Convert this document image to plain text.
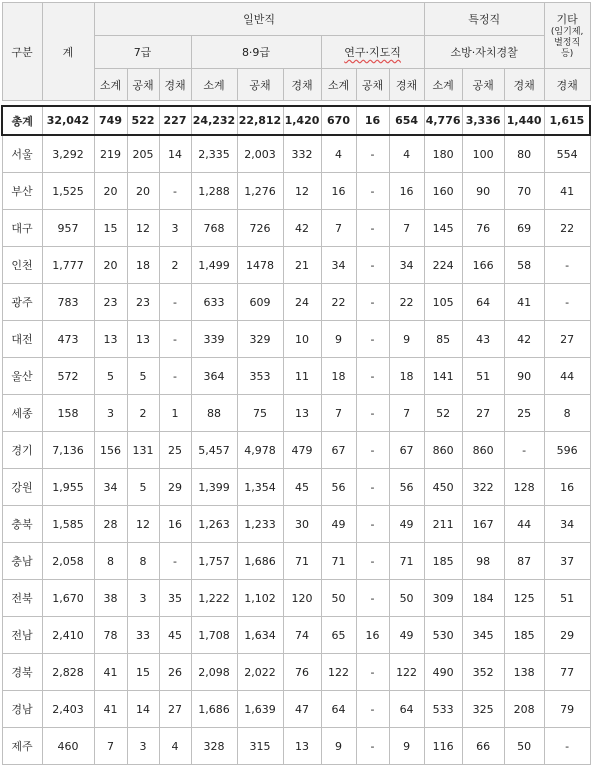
구분	계	일반직									특정직			기타
(임기제, 별정직 등)

		7급			8·9급			연구·지도직			소방·자치경찰			
		소계	공채	경채	소계	공채	경채	소계	공채	경채	소계	공채	경채	경채

총계	32,042	749	522	227	24,232	22,812	1,420	670	16	654	4,776	3,336	1,440	1,615
서울	3,292	219	205	14	2,335	2,003	332	4	-	4	180	100	80	554
부산	1,525	20	20	-	1,288	1,276	12	16	-	16	160	90	70	41
대구	957	15	12	3	768	726	42	7	-	7	145	76	69	22
인천	1,777	20	18	2	1,499	1478	21	34	-	34	224	166	58	-
광주	783	23	23	-	633	609	24	22	-	22	105	64	41	-
대전	473	13	13	-	339	329	10	9	-	9	85	43	42	27
울산	572	5	5	-	364	353	11	18	-	18	141	51	90	44
세종	158	3	2	1	88	75	13	7	-	7	52	27	25	8
경기	7,136	156	131	25	5,457	4,978	479	67	-	67	860	860	-	596
강원	1,955	34	5	29	1,399	1,354	45	56	-	56	450	322	128	16
충북	1,585	28	12	16	1,263	1,233	30	49	-	49	211	167	44	34
충남	2,058	8	8	-	1,757	1,686	71	71	-	71	185	98	87	37
전북	1,670	38	3	35	1,222	1,102	120	50	-	50	309	184	125	51
전남	2,410	78	33	45	1,708	1,634	74	65	16	49	530	345	185	29
경북	2,828	41	15	26	2,098	2,022	76	122	-	122	490	352	138	77
경남	2,403	41	14	27	1,686	1,639	47	64	-	64	533	325	208	79
제주	460	7	3	4	328	315	13	9	-	9	116	66	50	-
